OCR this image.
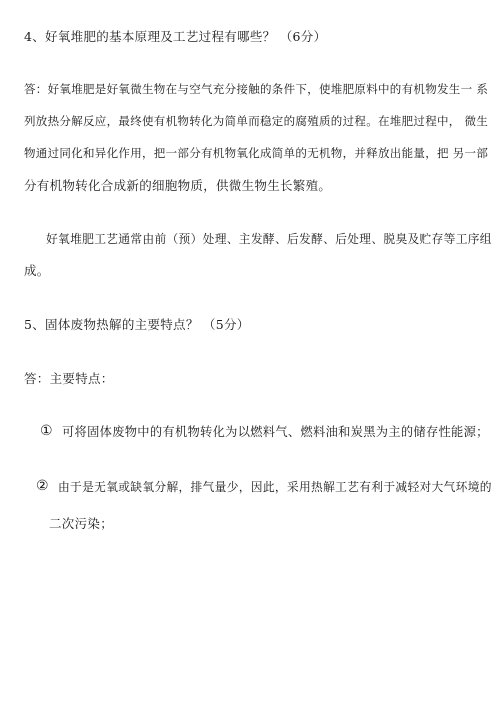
4、好氧堆肥的基本原理及工艺过程有哪些？ （6分）
答：好氧堆肥是好氧微生物在与空气充分接触的条件下，使堆肥原料中的有机物发生一 系
列放热分解反应，最终使有机物转化为简单而稳定的腐殖质的过程。在堆肥过程中， 微生
物通过同化和异化作用，把一部分有机物氧化成简单的无机物，并释放出能量，把 另一部
分有机物转化合成新的细胞物质，供微生物生长繁殖。
好氧堆肥工艺通常由前（预）处理、主发酵、后发酵、后处理、脱臭及贮存等工序组
成。
5、固体废物热解的主要特点？ （5分）
答：主要特点：
① 可将固体废物中的有机物转化为以燃料气、燃料油和炭黑为主的储存性能源；
② 由于是无氧或缺氧分解，排气量少，因此，采用热解工艺有利于减轻对大气环境的
二次污染；
